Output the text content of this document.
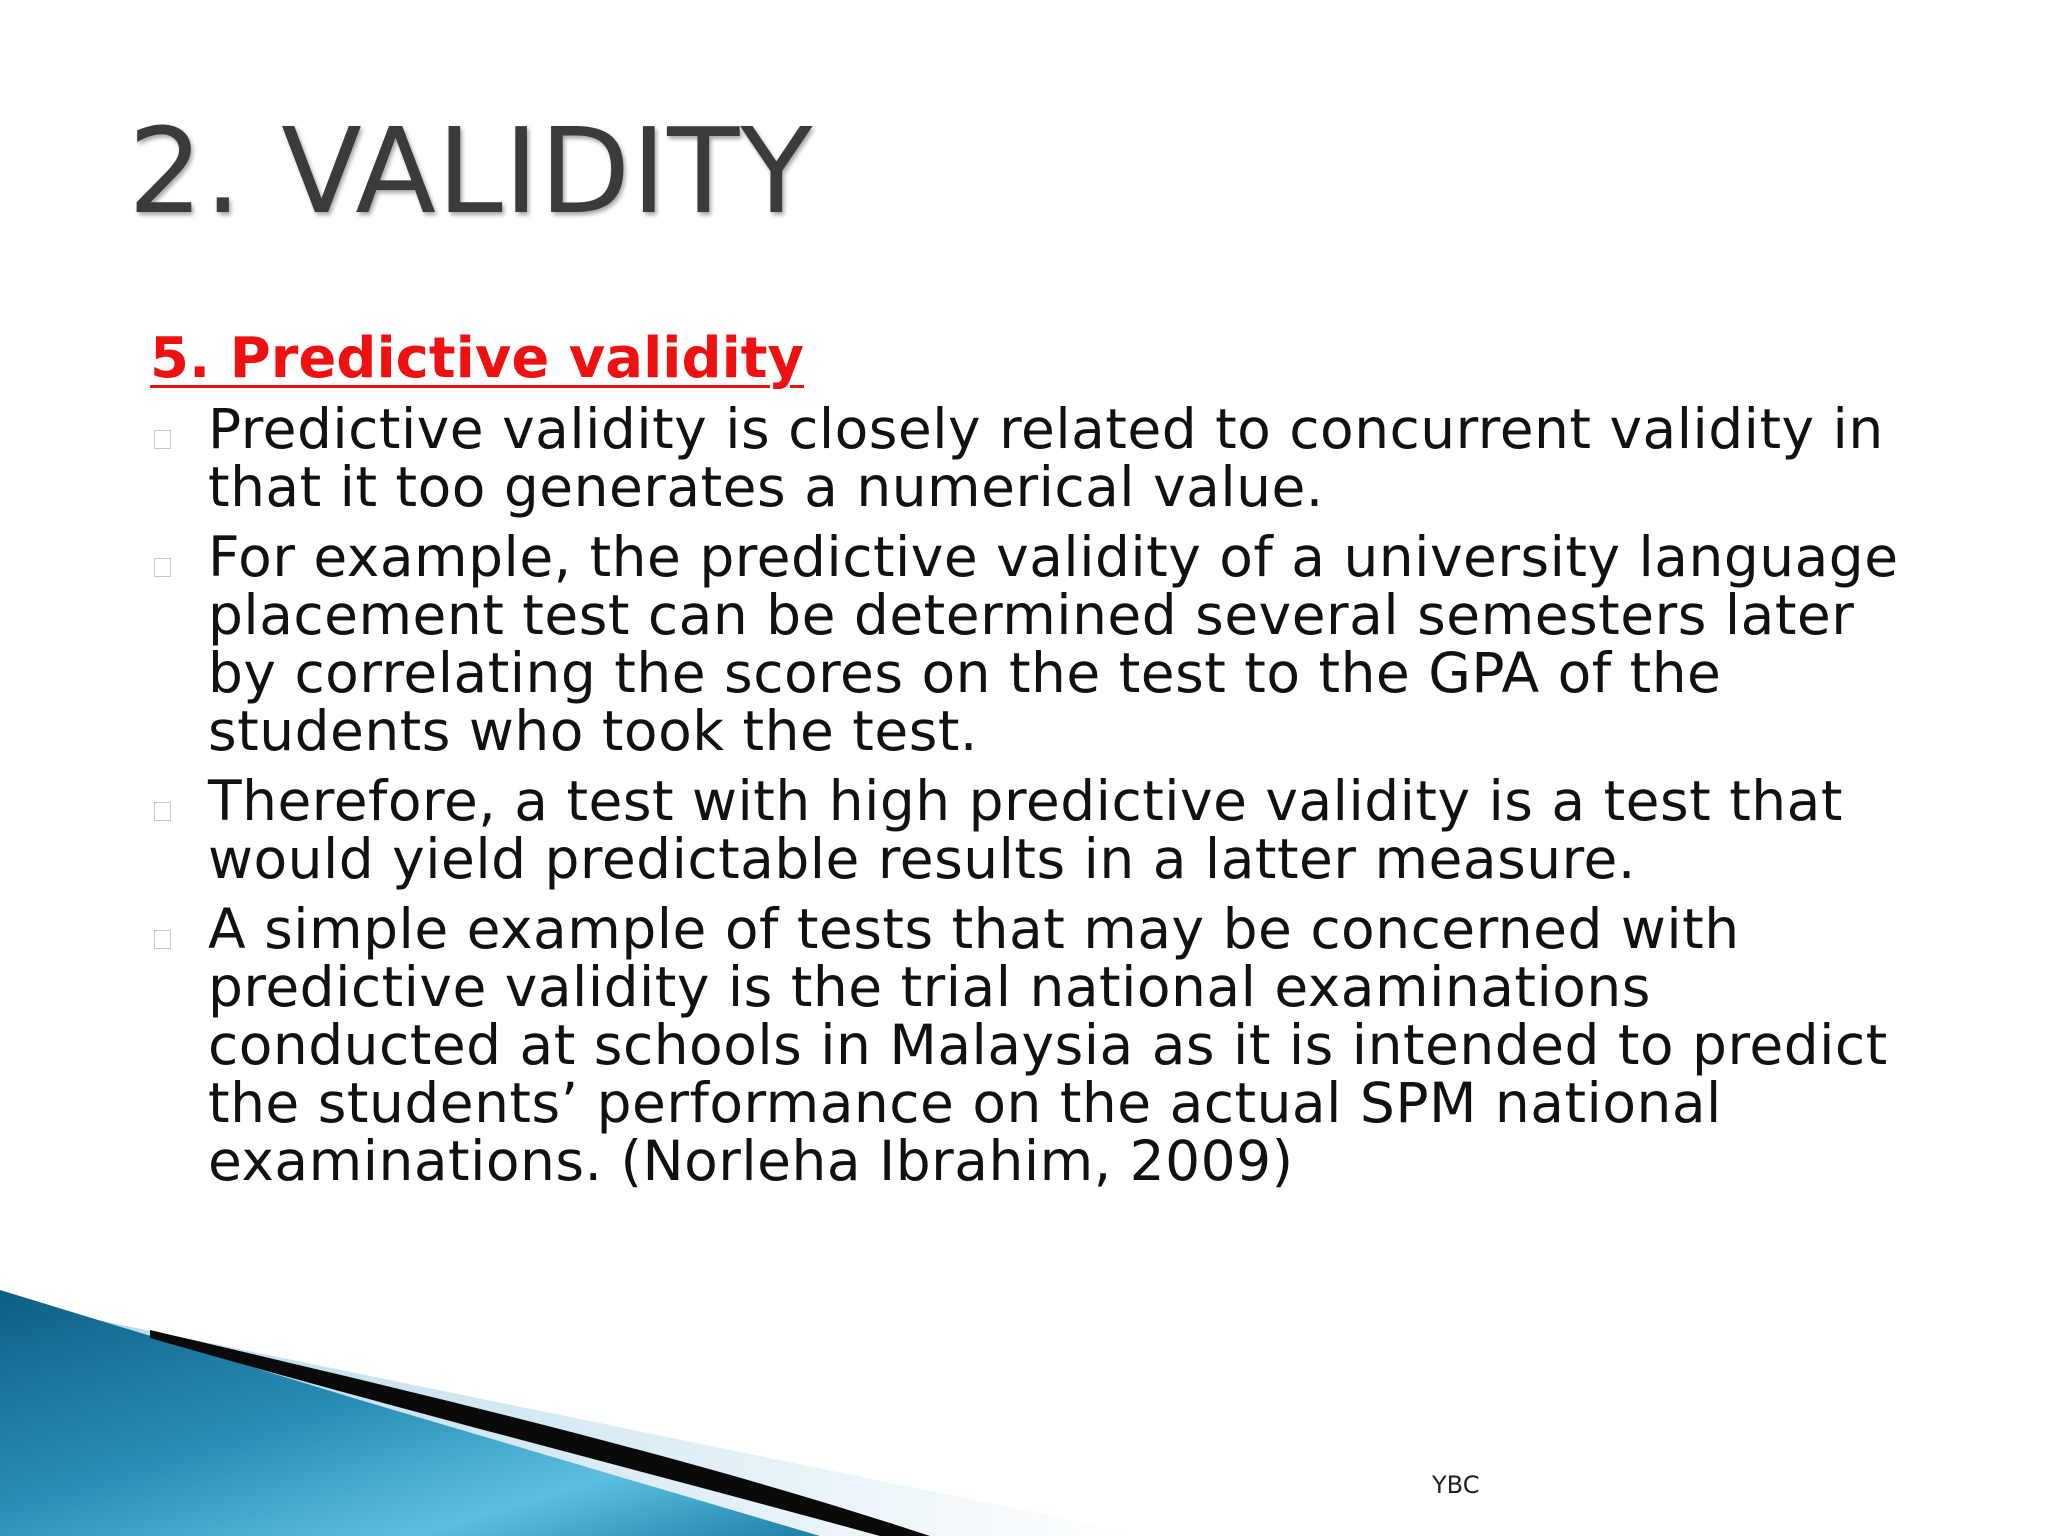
2. VALIDITY
5. Predictive validity
Predictive validity is closely related to concurrent validity in that it too generates a numerical value.
For example, the predictive validity of a university language placement test can be determined several semesters later by correlating the scores on the test to the GPA of the students who took the test.
Therefore, a test with high predictive validity is a test that would yield predictable results in a latter measure.
A simple example of tests that may be concerned with predictive validity is the trial national examinations conducted at schools in Malaysia as it is intended to predict the students’ performance on the actual SPM national examinations. (Norleha Ibrahim, 2009)
YBC
